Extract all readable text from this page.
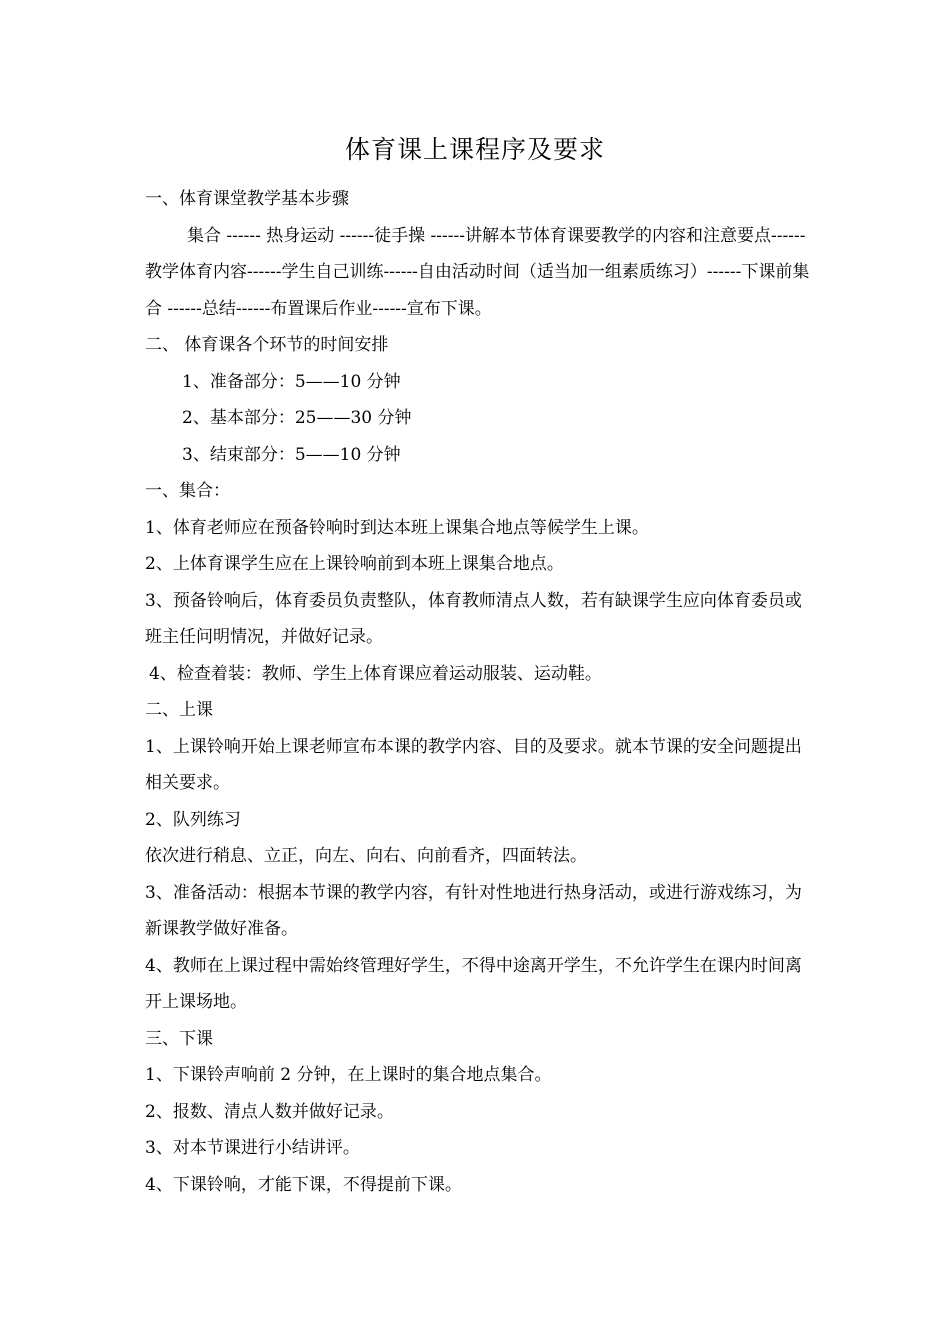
体育课上课程序及要求

一、体育课堂教学基本步骤

集合 ------ 热身运动 ------徒手操 ------讲解本节体育课要教学的内容和注意要点------教学体育内容------学生自己训练------自由活动时间（适当加一组素质练习）------下课前集合 ------总结------布置课后作业------宣布下课。

二、 体育课各个环节的时间安排

1、准备部分：5——10 分钟

2、基本部分：25——30 分钟

3、结束部分：5——10 分钟

一、集合：

1、体育老师应在预备铃响时到达本班上课集合地点等候学生上课。

2、上体育课学生应在上课铃响前到本班上课集合地点。

3、预备铃响后，体育委员负责整队，体育教师清点人数，若有缺课学生应向体育委员或班主任问明情况，并做好记录。

4、检查着装：教师、学生上体育课应着运动服装、运动鞋。

二、上课

1、上课铃响开始上课老师宣布本课的教学内容、目的及要求。就本节课的安全问题提出相关要求。

2、队列练习

依次进行稍息、立正，向左、向右、向前看齐，四面转法。

3、准备活动：根据本节课的教学内容，有针对性地进行热身活动，或进行游戏练习，为新课教学做好准备。

4、教师在上课过程中需始终管理好学生，不得中途离开学生，不允许学生在课内时间离开上课场地。

三、下课

1、下课铃声响前 2 分钟，在上课时的集合地点集合。

2、报数、清点人数并做好记录。

3、对本节课进行小结讲评。

4、下课铃响，才能下课，不得提前下课。
